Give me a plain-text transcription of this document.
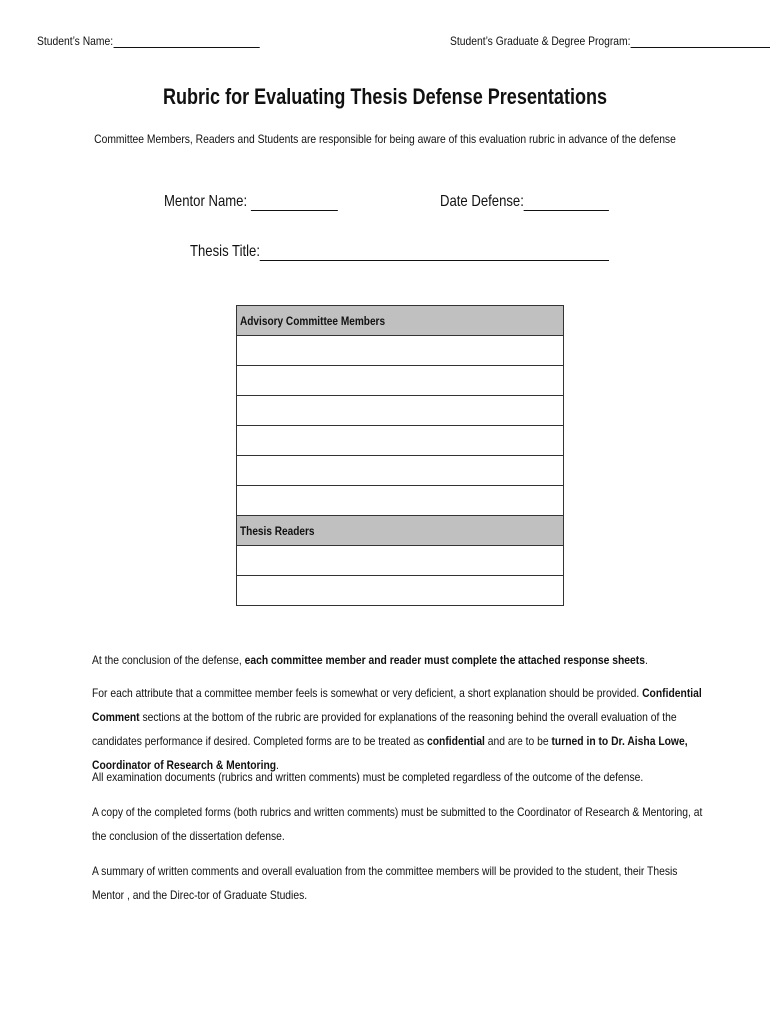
Student’s Name:	Student’s Graduate & Degree Program:
Rubric for Evaluating Thesis Defense Presentations
Committee Members, Readers and Students are responsible for being aware of this evaluation rubric in advance of the defense
Mentor Name:	Date Defense:
Thesis Title:
Advisory Committee Members

Thesis Readers

At the conclusion of the defense, each committee member and reader must complete the attached response sheets.
For each attribute that a committee member feels is somewhat or very deficient, a short explanation should be provided. Confidential Comment sections at the bottom of the rubric are provided for explanations of the reasoning behind the overall evaluation of the candidates performance if desired. Completed forms are to be treated as confidential and are to be turned in to Dr. Aisha Lowe, Coordinator of Research & Mentoring.
All examination documents (rubrics and written comments) must be completed regardless of the outcome of the defense.
A copy of the completed forms (both rubrics and written comments) must be submitted to the Coordinator of Research & Mentoring, at the conclusion of the dissertation defense.
A summary of written comments and overall evaluation from the committee members will be provided to the student, their Thesis Mentor , and the Direc-tor of Graduate Studies.
